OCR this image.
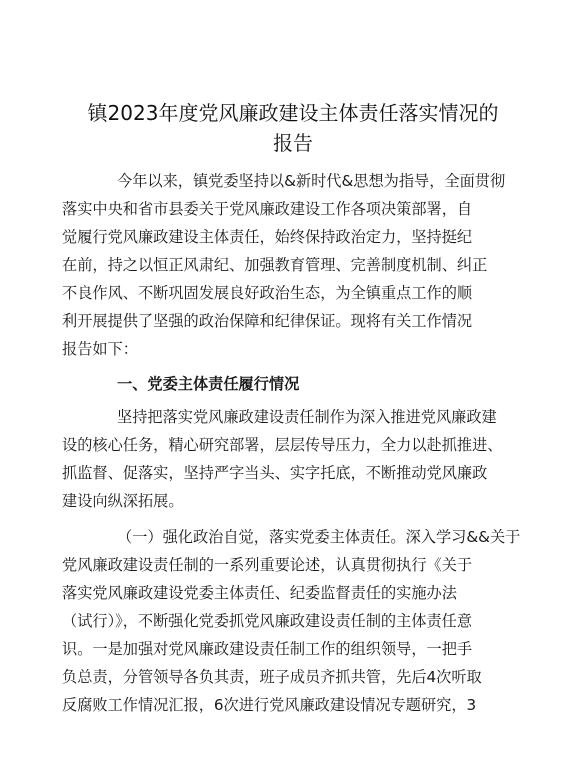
镇2023年度党风廉政建设主体责任落实情况的
报告
今年以来，镇党委坚持以&新时代&思想为指导，全面贯彻
落实中央和省市县委关于党风廉政建设工作各项决策部署，自
觉履行党风廉政建设主体责任，始终保持政治定力，坚持挺纪
在前，持之以恒正风肃纪、加强教育管理、完善制度机制、纠正
不良作风、不断巩固发展良好政治生态，为全镇重点工作的顺
利开展提供了坚强的政治保障和纪律保证。现将有关工作情况
报告如下：
一、党委主体责任履行情况
坚持把落实党风廉政建设责任制作为深入推进党风廉政建
设的核心任务，精心研究部署，层层传导压力，全力以赴抓推进、
抓监督、促落实，坚持严字当头、实字托底，不断推动党风廉政
建设向纵深拓展。
（一）强化政治自觉，落实党委主体责任。深入学习&&关于
党风廉政建设责任制的一系列重要论述，认真贯彻执行《关于
落实党风廉政建设党委主体责任、纪委监督责任的实施办法
（试行）》，不断强化党委抓党风廉政建设责任制的主体责任意
识。一是加强对党风廉政建设责任制工作的组织领导，一把手
负总责，分管领导各负其责，班子成员齐抓共管，先后4次听取
反腐败工作情况汇报，6次进行党风廉政建设情况专题研究，3
